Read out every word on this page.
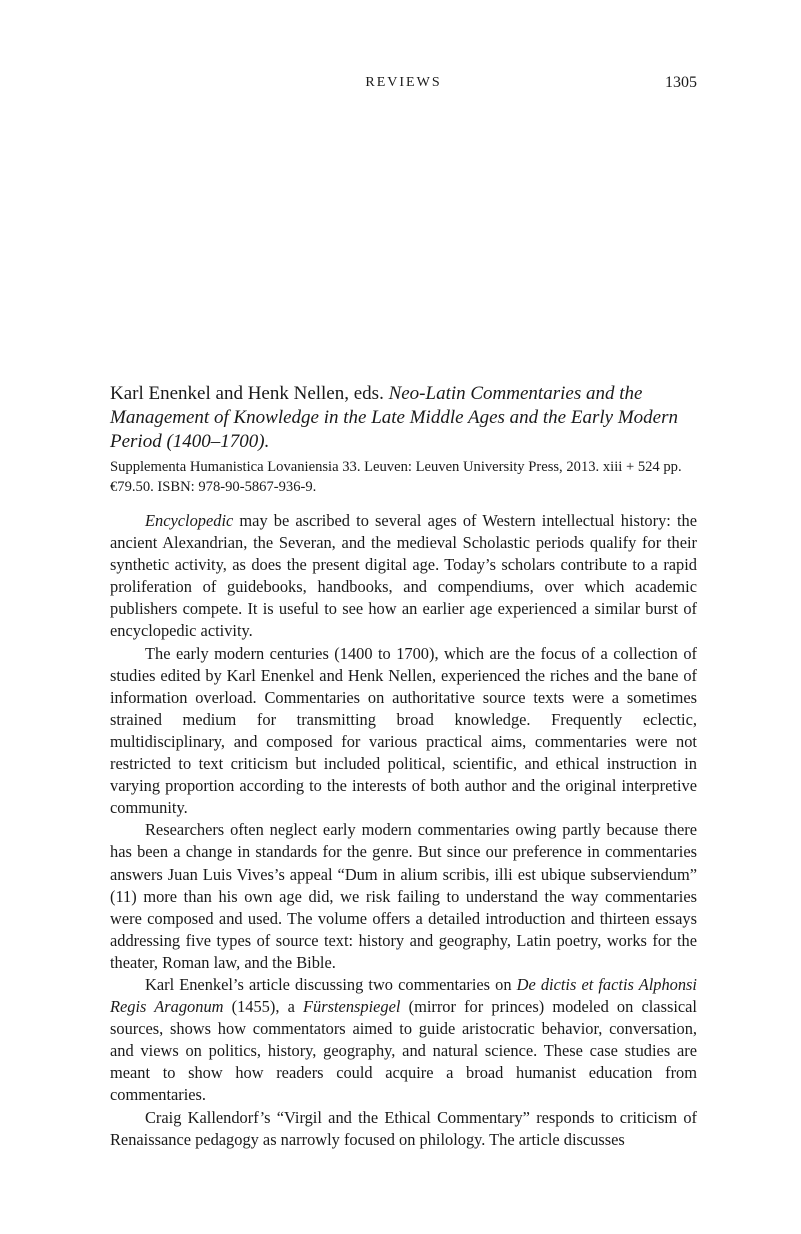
REVIEWS	1305

Karl Enenkel and Henk Nellen, eds. Neo-Latin Commentaries and the Management of Knowledge in the Late Middle Ages and the Early Modern Period (1400–1700).

Supplementa Humanistica Lovaniensia 33. Leuven: Leuven University Press, 2013. xiii + 524 pp. €79.50. ISBN: 978-90-5867-936-9.

Encyclopedic may be ascribed to several ages of Western intellectual history: the ancient Alexandrian, the Severan, and the medieval Scholastic periods qualify for their synthetic activity, as does the present digital age. Today’s scholars contribute to a rapid proliferation of guidebooks, handbooks, and compendiums, over which academic publishers compete. It is useful to see how an earlier age experienced a similar burst of encyclopedic activity.

The early modern centuries (1400 to 1700), which are the focus of a collection of studies edited by Karl Enenkel and Henk Nellen, experienced the riches and the bane of information overload. Commentaries on authoritative source texts were a sometimes strained medium for transmitting broad knowledge. Frequently eclectic, multidisciplinary, and composed for various practical aims, commentaries were not restricted to text criticism but included political, scientific, and ethical instruction in varying proportion according to the interests of both author and the original interpretive community.

Researchers often neglect early modern commentaries owing partly because there has been a change in standards for the genre. But since our preference in commentaries answers Juan Luis Vives’s appeal “Dum in alium scribis, illi est ubique subserviendum” (11) more than his own age did, we risk failing to understand the way commentaries were composed and used. The volume offers a detailed introduction and thirteen essays addressing five types of source text: history and geography, Latin poetry, works for the theater, Roman law, and the Bible.

Karl Enenkel’s article discussing two commentaries on De dictis et factis Alphonsi Regis Aragonum (1455), a Fürstenspiegel (mirror for princes) modeled on classical sources, shows how commentators aimed to guide aristocratic behavior, conversation, and views on politics, history, geography, and natural science. These case studies are meant to show how readers could acquire a broad humanist education from commentaries.

Craig Kallendorf’s “Virgil and the Ethical Commentary” responds to criticism of Renaissance pedagogy as narrowly focused on philology. The article discusses
